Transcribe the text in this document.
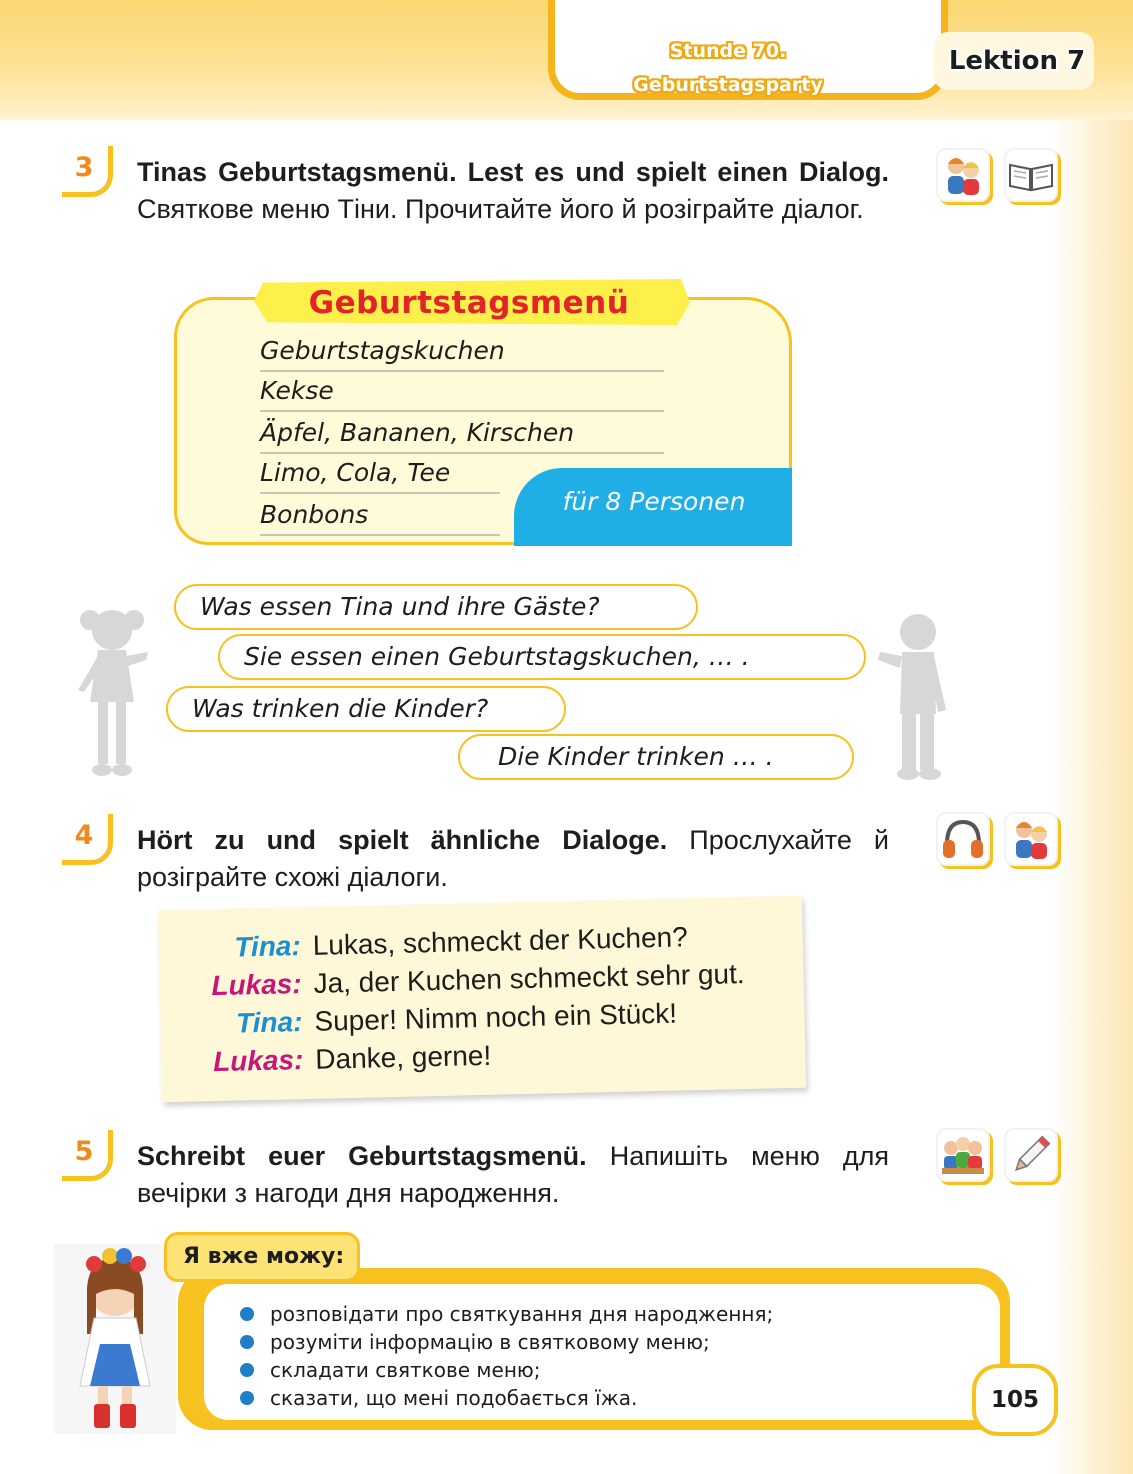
Stunde 70. Geburtstagsparty
Lektion 7
3	Tinas Geburtstagsmenü. Lest es und spielt einen Dialog. Святкове меню Тіни. Прочитайте його й розіграйте діалог.
Geburtstagsmenü
Geburtstagskuchen
Kekse
Äpfel, Bananen, Kirschen
für 8 Personen
Limo, Cola, Tee
Bonbons
Was essen Tina und ihre Gäste?
Sie essen einen Geburtstagskuchen, … .
Was trinken die Kinder?
Die Kinder trinken … .
4	Hört zu und spielt ähnliche Dialoge. Прослухайте й розіграйте схожі діалоги.
Tina: Lukas, schmeckt der Kuchen?
Lukas: Ja, der Kuchen schmeckt sehr gut.
Tina: Super! Nimm noch ein Stück!
Lukas: Danke, gerne!
5	Schreibt euer Geburtstagsmenü. Напишіть меню для вечірки з нагоди дня народження.
Я вже можу:
розповідати про святкування дня народження;
розуміти інформацію в святковому меню;
складати святкове меню;
сказати, що мені подобається їжа.	105
